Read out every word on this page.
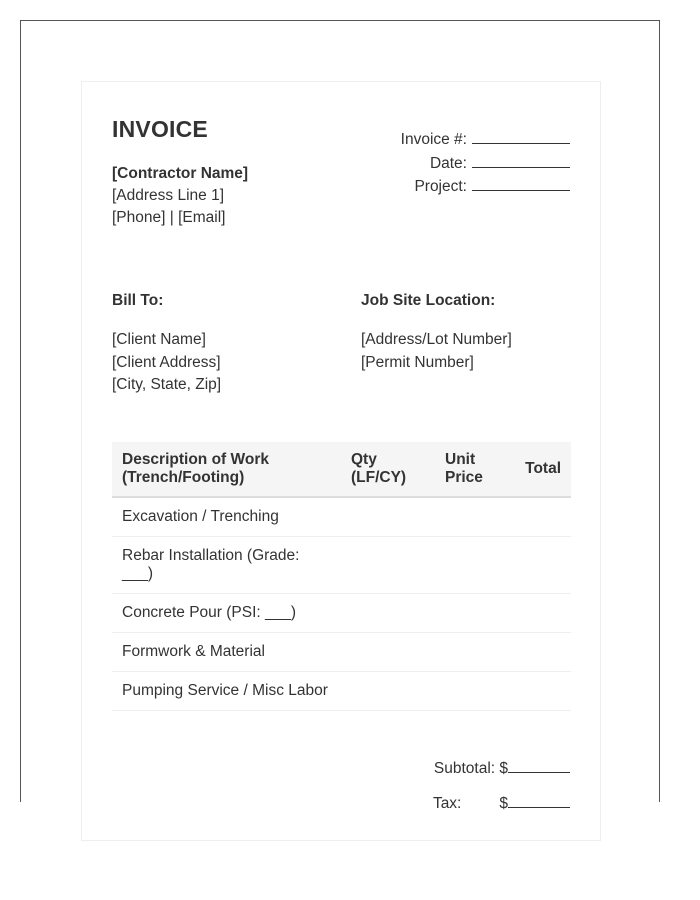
INVOICE
[Contractor Name]
[Address Line 1]
[Phone] | [Email]
Invoice #:
Date:
Project:
Bill To:
[Client Name]
[Client Address]
[City, State, Zip]
Job Site Location:
[Address/Lot Number]
[Permit Number]
Description of Work (Trench/Footing)	Qty (LF/CY)	Unit Price	Total
Excavation / Trenching			
Rebar Installation (Grade: ___)			
Concrete Pour (PSI: ___)			
Formwork & Material			
Pumping Service / Misc Labor			
Subtotal: $
Tax: $
